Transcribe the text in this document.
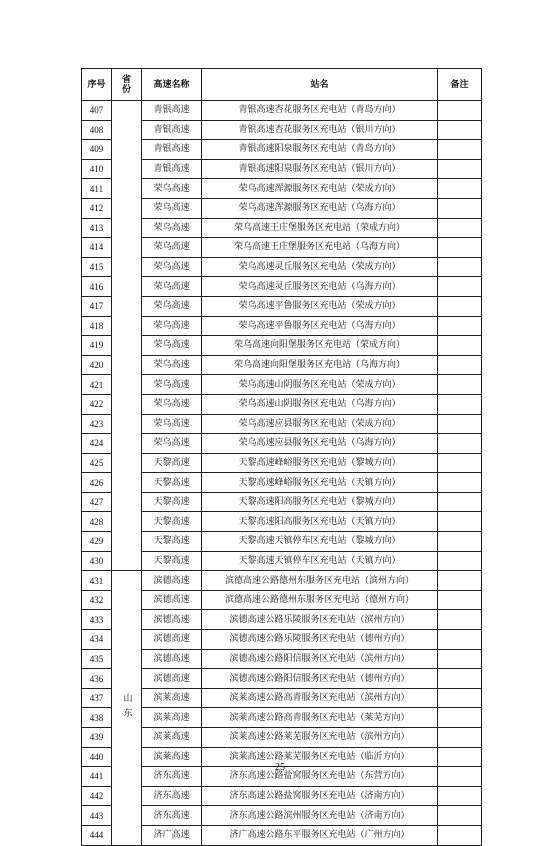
序号	省份	高速名称	站名	备注
407		青银高速	青银高速杏花服务区充电站（青岛方向）	
408		青银高速	青银高速杏花服务区充电站（银川方向）	
409		青银高速	青银高速阳泉服务区充电站（青岛方向）	
410		青银高速	青银高速阳泉服务区充电站（银川方向）	
411		荣乌高速	荣乌高速浑源服务区充电站（荣成方向）	
412		荣乌高速	荣乌高速浑源服务区充电站（乌海方向）	
413		荣乌高速	荣乌高速王庄堡服务区充电站（荣成方向）	
414		荣乌高速	荣乌高速王庄堡服务区充电站（乌海方向）	
415		荣乌高速	荣乌高速灵丘服务区充电站（荣成方向）	
416		荣乌高速	荣乌高速灵丘服务区充电站（乌海方向）	
417		荣乌高速	荣乌高速平鲁服务区充电站（荣成方向）	
418		荣乌高速	荣乌高速平鲁服务区充电站（乌海方向）	
419		荣乌高速	荣乌高速向阳堡服务区充电站（荣成方向）	
420		荣乌高速	荣乌高速向阳堡服务区充电站（乌海方向）	
421		荣乌高速	荣乌高速山阴服务区充电站（荣成方向）	
422		荣乌高速	荣乌高速山阴服务区充电站（乌海方向）	
423		荣乌高速	荣乌高速应县服务区充电站（荣成方向）	
424		荣乌高速	荣乌高速应县服务区充电站（乌海方向）	
425		天黎高速	天黎高速峰峪服务区充电站（黎城方向）	
426		天黎高速	天黎高速峰峪服务区充电站（天镇方向）	
427		天黎高速	天黎高速阳高服务区充电站（黎城方向）	
428		天黎高速	天黎高速阳高服务区充电站（天镇方向）	
429		天黎高速	天黎高速天镇停车区充电站（黎城方向）	
430		天黎高速	天黎高速天镇停车区充电站（天镇方向）	
431	山东	滨德高速	滨德高速公路德州东服务区充电站（滨州方向）	
432		滨德高速	滨德高速公路德州东服务区充电站（德州方向）	
433		滨德高速	滨德高速公路乐陵服务区充电站（滨州方向）	
434		滨德高速	滨德高速公路乐陵服务区充电站（德州方向）	
435		滨德高速	滨德高速公路阳信服务区充电站（滨州方向）	
436		滨德高速	滨德高速公路阳信服务区充电站（德州方向）	
437		滨莱高速	滨莱高速公路高青服务区充电站（滨州方向）	
438		滨莱高速	滨莱高速公路高青服务区充电站（莱芜方向）	
439		滨莱高速	滨莱高速公路莱芜服务区充电站（滨州方向）	
440		滨莱高速	滨莱高速公路莱芜服务区充电站（临沂方向）	
441		济东高速	济东高速公路盐窝服务区充电站（东营方向）	
442		济东高速	济东高速公路盐窝服务区充电站（济南方向）	
443		济东高速	济东高速公路滨州服务区充电站（济南方向）	
444		济广高速	济广高速公路东平服务区充电站（广州方向）	
25
